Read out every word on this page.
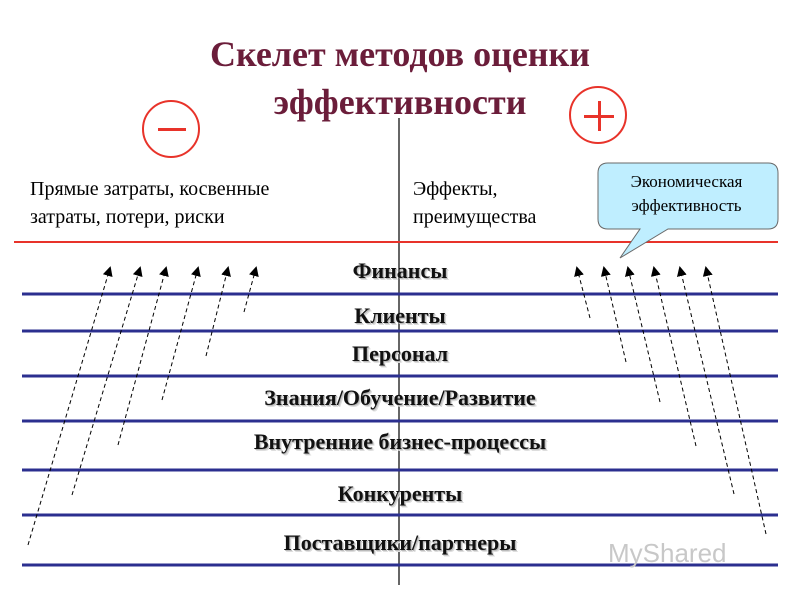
Скелет методов оценки
эффективности
Прямые затраты, косвенные
затраты, потери, риски
Эффекты,
преимущества
Экономическая
эффективность
Финансы
Клиенты
Персонал
Знания/Обучение/Развитие
Внутренние бизнес-процессы
Конкуренты
Поставщики/партнеры	MyShared
